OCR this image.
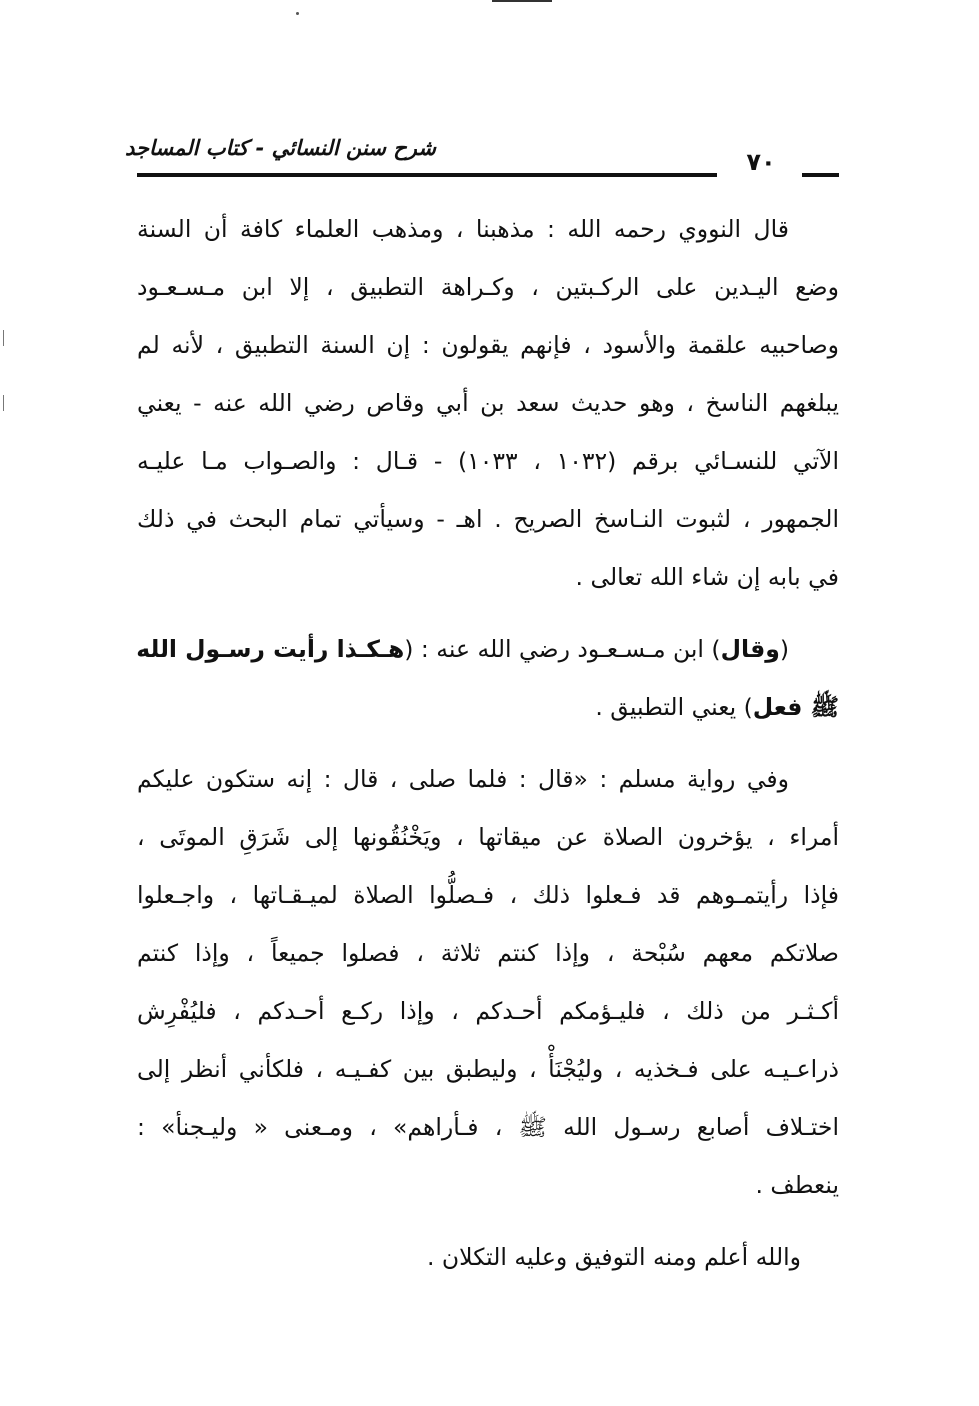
شرح سنن النسائي - كتاب المساجد	٧٠

قال النووي رحمه الله : مذهبنا ، ومذهب العلماء كافة أن السنة
وضع اليـدين على الركـبتين ، وكـراهة التطبيق ، إلا ابن مـسـعـود
وصاحبيه علقمة والأسود ، فإنهم يقولون : إن السنة التطبيق ، لأنه لم
يبلغهم الناسخ ، وهو حديث سعد بن أبي وقاص رضي الله عنه - يعني
الآتي للنسـائي برقم (١٠٣٢ ، ١٠٣٣) - قـال : والصـواب مـا عليـه
الجمهور ، لثبوت النـاسخ الصريح . اهـ - وسيأتي تمام البحث في ذلك
في بابه إن شاء الله تعالى .

(وقال) ابن مـسـعـود رضي الله عنه : (هـكـذا رأيت رسـول الله
ﷺ فعل) يعني التطبيق .

وفي رواية مسلم : «قال : فلما صلى ، قال : إنه ستكون عليكم
أمراء ، يؤخرون الصلاة عن ميقاتها ، ويَخْنُقُونها إلى شَرَقِ الموتَى ،
فإذا رأيتمـوهم قد فـعلوا ذلك ، فـصلُّوا الصلاة لميـقـاتها ، واجـعلوا
صلاتكم معهم سُبْحة ، وإذا كنتم ثلاثة ، فصلوا جميعاً ، وإذا كنتم
أكـثـر من ذلك ، فليـؤمكم أحـدكم ، وإذا ركـع أحـدكم ، فليُفْرِش
ذراعـيـه على فـخذيه ، وليُجْنَأْ ، وليطبق بين كفـيـه ، فلكأني أنظر إلى
اختـلاف أصابع رسـول الله ﷺ ، فـأراهم» ، ومـعنى « وليـجنأ» :
ينعطف .

والله أعلم ومنه التوفيق وعليه التكلان .
